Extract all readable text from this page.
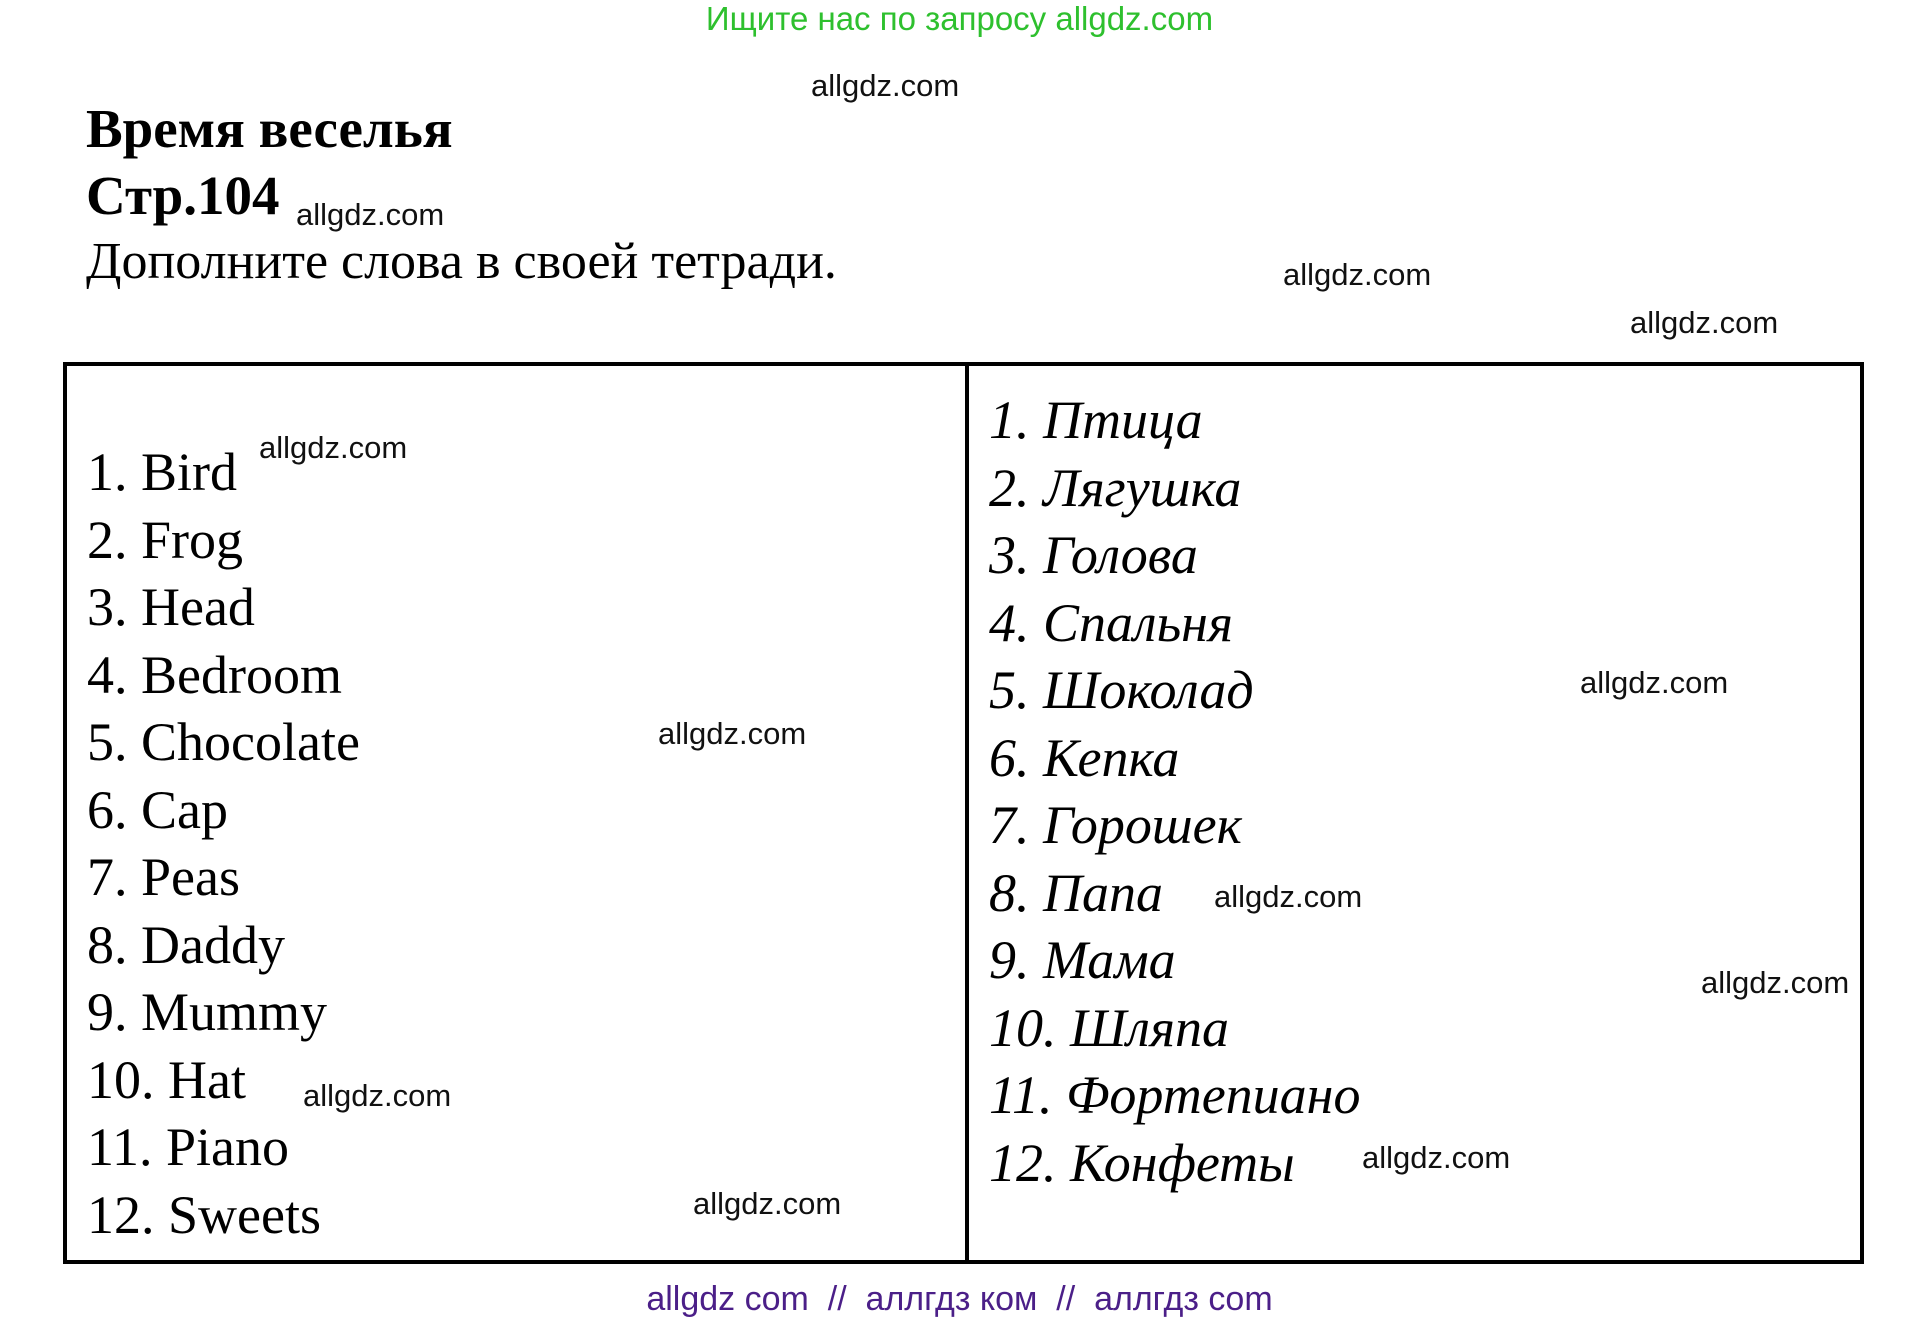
Ищите нас по запросу allgdz.com
Время веселья
Стр.104
Дополните слова в своей тетради.
allgdz.com
allgdz.com
allgdz.com
allgdz.com
1. Bird
2. Frog
3. Head
4. Bedroom
5. Chocolate
6. Cap
7. Peas
8. Daddy
9. Mummy
10. Hat
11. Piano
12. Sweets
1. Птица
2. Лягушка
3. Голова
4. Спальня
5. Шоколад
6. Кепка
7. Горошек
8. Папа
9. Мама
10. Шляпа
11. Фортепиано
12. Конфеты
allgdz.com
allgdz.com
allgdz.com
allgdz.com
allgdz.com
allgdz.com
allgdz.com
allgdz.com
allgdz com  //  аллгдз ком  //  аллгдз com
